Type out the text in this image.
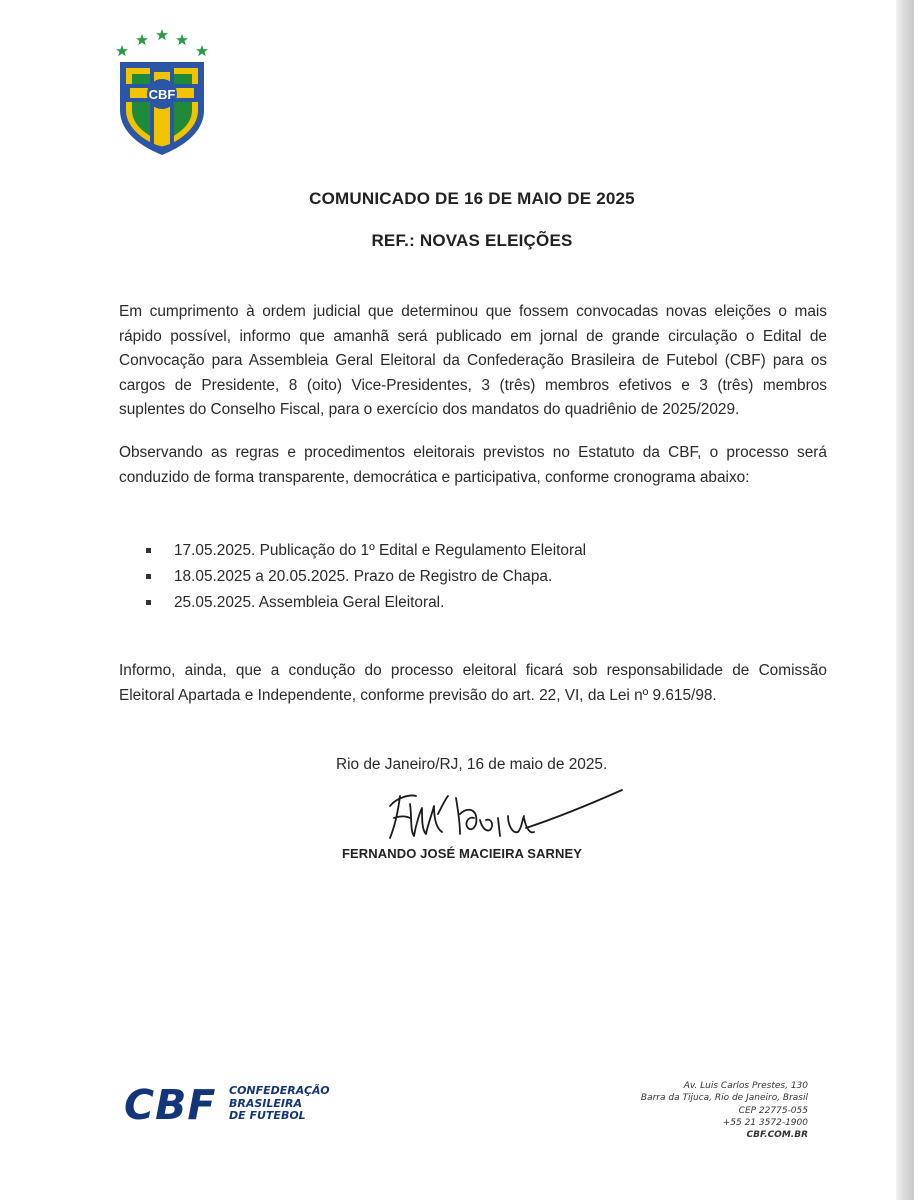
CBF
COMUNICADO DE 16 DE MAIO DE 2025
REF.: NOVAS ELEIÇÕES
Em cumprimento à ordem judicial que determinou que fossem convocadas novas eleições o mais rápido possível, informo que amanhã será publicado em jornal de grande circulação o Edital de Convocação para Assembleia Geral Eleitoral da Confederação Brasileira de Futebol (CBF) para os cargos de Presidente, 8 (oito) Vice-Presidentes, 3 (três) membros efetivos e 3 (três) membros suplentes do Conselho Fiscal, para o exercício dos mandatos do quadriênio de 2025/2029.
Observando as regras e procedimentos eleitorais previstos no Estatuto da CBF, o processo será conduzido de forma transparente, democrática e participativa, conforme cronograma abaixo:
17.05.2025. Publicação do 1º Edital e Regulamento Eleitoral
18.05.2025 a 20.05.2025. Prazo de Registro de Chapa.
25.05.2025. Assembleia Geral Eleitoral.
Informo, ainda, que a condução do processo eleitoral ficará sob responsabilidade de Comissão Eleitoral Apartada e Independente, conforme previsão do art. 22, VI, da Lei nº 9.615/98.
Rio de Janeiro/RJ, 16 de maio de 2025.
FERNANDO JOSÉ MACIEIRA SARNEY
CBF CONFEDERAÇÃO
BRASILEIRA
DE FUTEBOL
Av. Luis Carlos Prestes, 130
Barra da Tijuca, Rio de Janeiro, Brasil
CEP 22775-055
+55 21 3572-1900
CBF.COM.BR
